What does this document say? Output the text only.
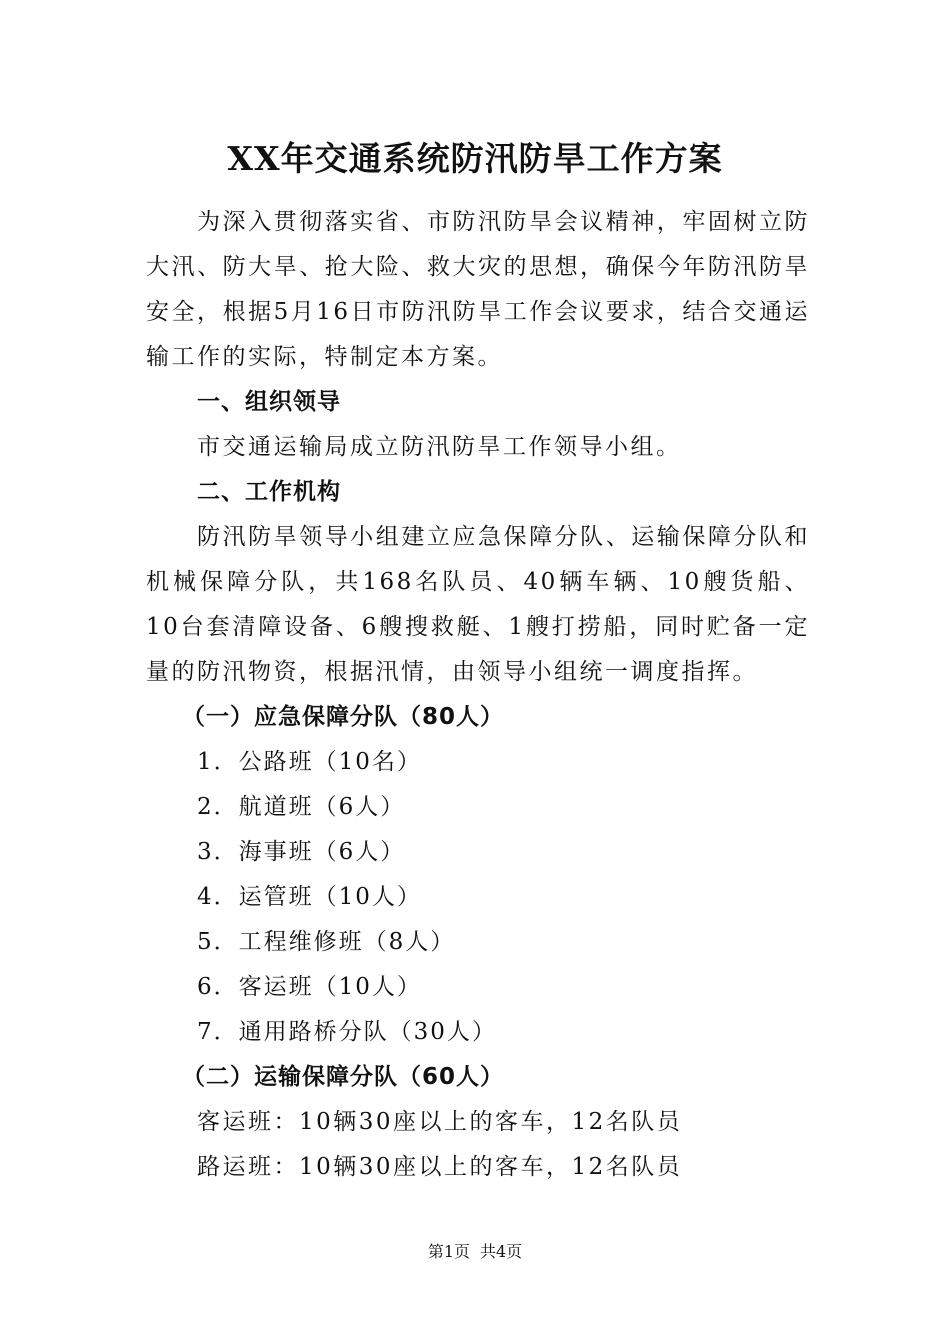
XX年交通系统防汛防旱工作方案

为深入贯彻落实省、市防汛防旱会议精神，牢固树立防大汛、防大旱、抢大险、救大灾的思想，确保今年防汛防旱安全，根据5月16日市防汛防旱工作会议要求，结合交通运输工作的实际，特制定本方案。

一、组织领导

市交通运输局成立防汛防旱工作领导小组。

二、工作机构

防汛防旱领导小组建立应急保障分队、运输保障分队和机械保障分队，共168名队员、40辆车辆、10艘货船、10台套清障设备、6艘搜救艇、1艘打捞船，同时贮备一定量的防汛物资，根据汛情，由领导小组统一调度指挥。

（一）应急保障分队（80人）

1．公路班（10名）
2．航道班（6人）
3．海事班（6人）
4．运管班（10人）
5．工程维修班（8人）
6．客运班（10人）
7．通用路桥分队（30人）

（二）运输保障分队（60人）

客运班：10辆30座以上的客车，12名队员

路运班：10辆30座以上的客车，12名队员

第1页 共4页
